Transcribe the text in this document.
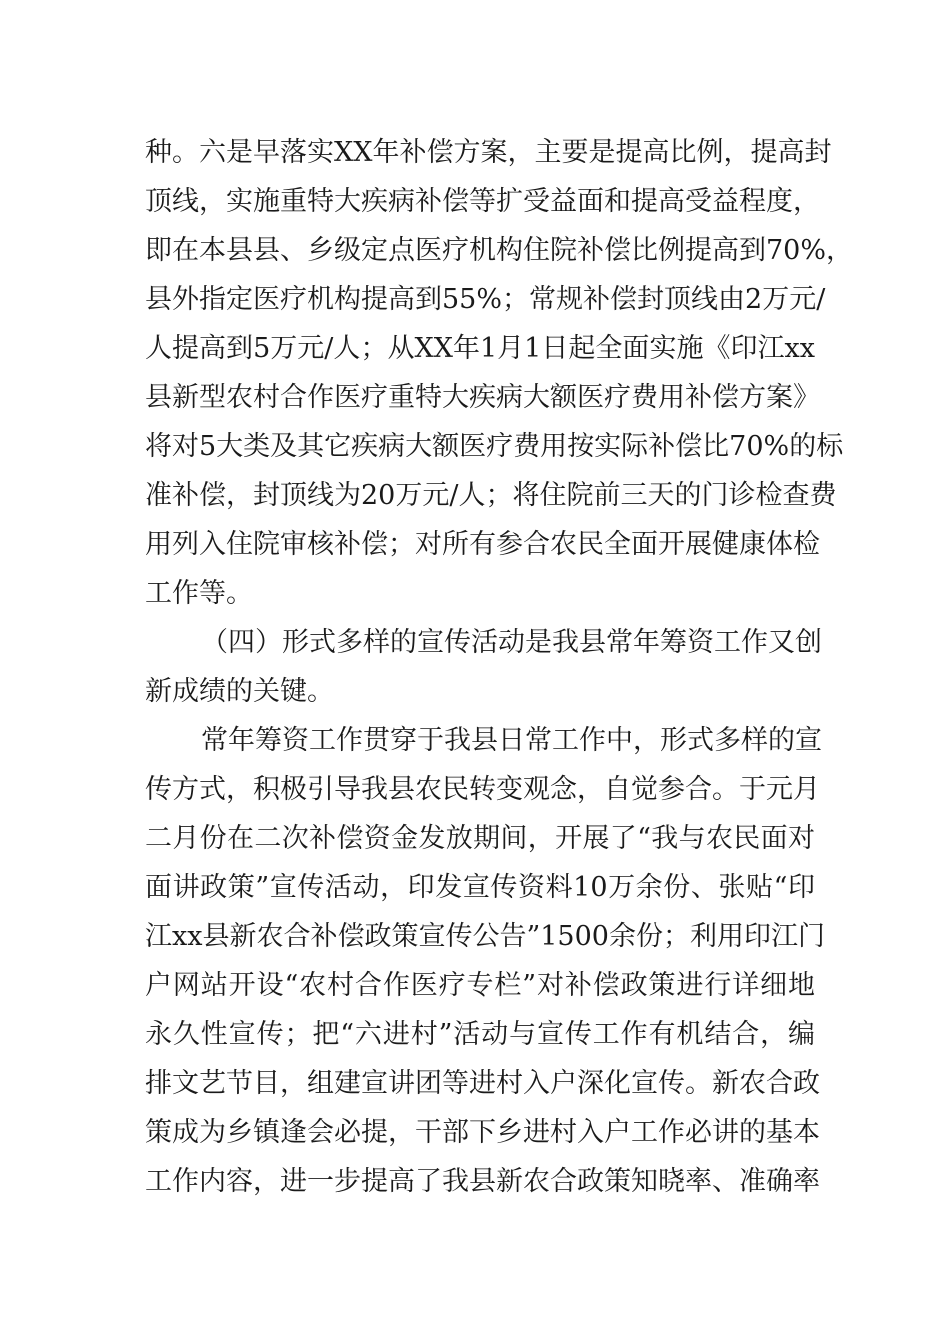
种。六是早落实XX年补偿方案，主要是提高比例，提高封
顶线，实施重特大疾病补偿等扩受益面和提高受益程度，
即在本县县、乡级定点医疗机构住院补偿比例提高到70%，
县外指定医疗机构提高到55%；常规补偿封顶线由2万元/
人提高到5万元/人；从XX年1月1日起全面实施《印江xx
县新型农村合作医疗重特大疾病大额医疗费用补偿方案》
将对5大类及其它疾病大额医疗费用按实际补偿比70%的标
准补偿，封顶线为20万元/人；将住院前三天的门诊检查费
用列入住院审核补偿；对所有参合农民全面开展健康体检
工作等。
（四）形式多样的宣传活动是我县常年筹资工作又创
新成绩的关键。
常年筹资工作贯穿于我县日常工作中，形式多样的宣
传方式，积极引导我县农民转变观念，自觉参合。于元月
二月份在二次补偿资金发放期间，开展了“我与农民面对
面讲政策”宣传活动，印发宣传资料10万余份、张贴“印
江xx县新农合补偿政策宣传公告”1500余份；利用印江门
户网站开设“农村合作医疗专栏”对补偿政策进行详细地
永久性宣传；把“六进村”活动与宣传工作有机结合，编
排文艺节目，组建宣讲团等进村入户深化宣传。新农合政
策成为乡镇逢会必提，干部下乡进村入户工作必讲的基本
工作内容，进一步提高了我县新农合政策知晓率、准确率
